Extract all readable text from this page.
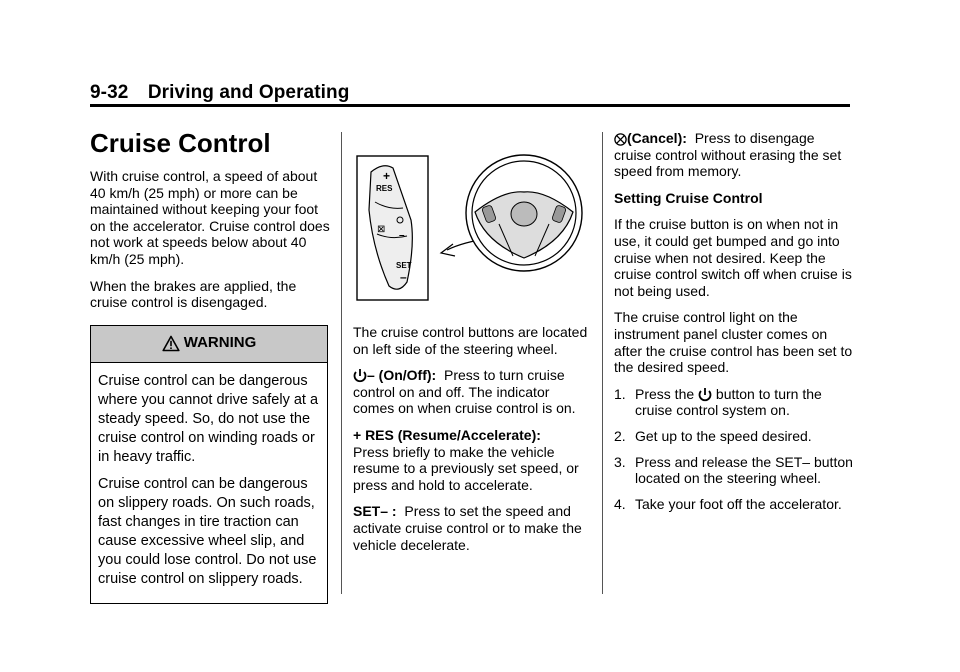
9-32 Driving and Operating
Cruise Control

With cruise control, a speed of about 40 km/h (25 mph) or more can be maintained without keeping your foot on the accelerator. Cruise control does not work at speeds below about 40 km/h (25 mph).

When the brakes are applied, the cruise control is disengaged.

WARNING

Cruise control can be dangerous where you cannot drive safely at a steady speed. So, do not use the cruise control on winding roads or in heavy traffic.

Cruise control can be dangerous on slippery roads. On such roads, fast changes in tire traction can cause excessive wheel slip, and you could lose control. Do not use cruise control on slippery roads.

+
RES
⊠
–
SET
–

The cruise control buttons are located on left side of the steering wheel.

– (On/Off): Press to turn cruise control on and off. The indicator comes on when cruise control is on.

+ RES (Resume/Accelerate):
Press briefly to make the vehicle resume to a previously set speed, or press and hold to accelerate.

SET– : Press to set the speed and activate cruise control or to make the vehicle decelerate.

(Cancel): Press to disengage cruise control without erasing the set speed from memory.

Setting Cruise Control

If the cruise button is on when not in use, it could get bumped and go into cruise when not desired. Keep the cruise control switch off when cruise is not being used.

The cruise control light on the instrument panel cluster comes on after the cruise control has been set to the desired speed.

1. Press the button to turn the cruise control system on.
2. Get up to the speed desired.
3. Press and release the SET– button located on the steering wheel.
4. Take your foot off the accelerator.
